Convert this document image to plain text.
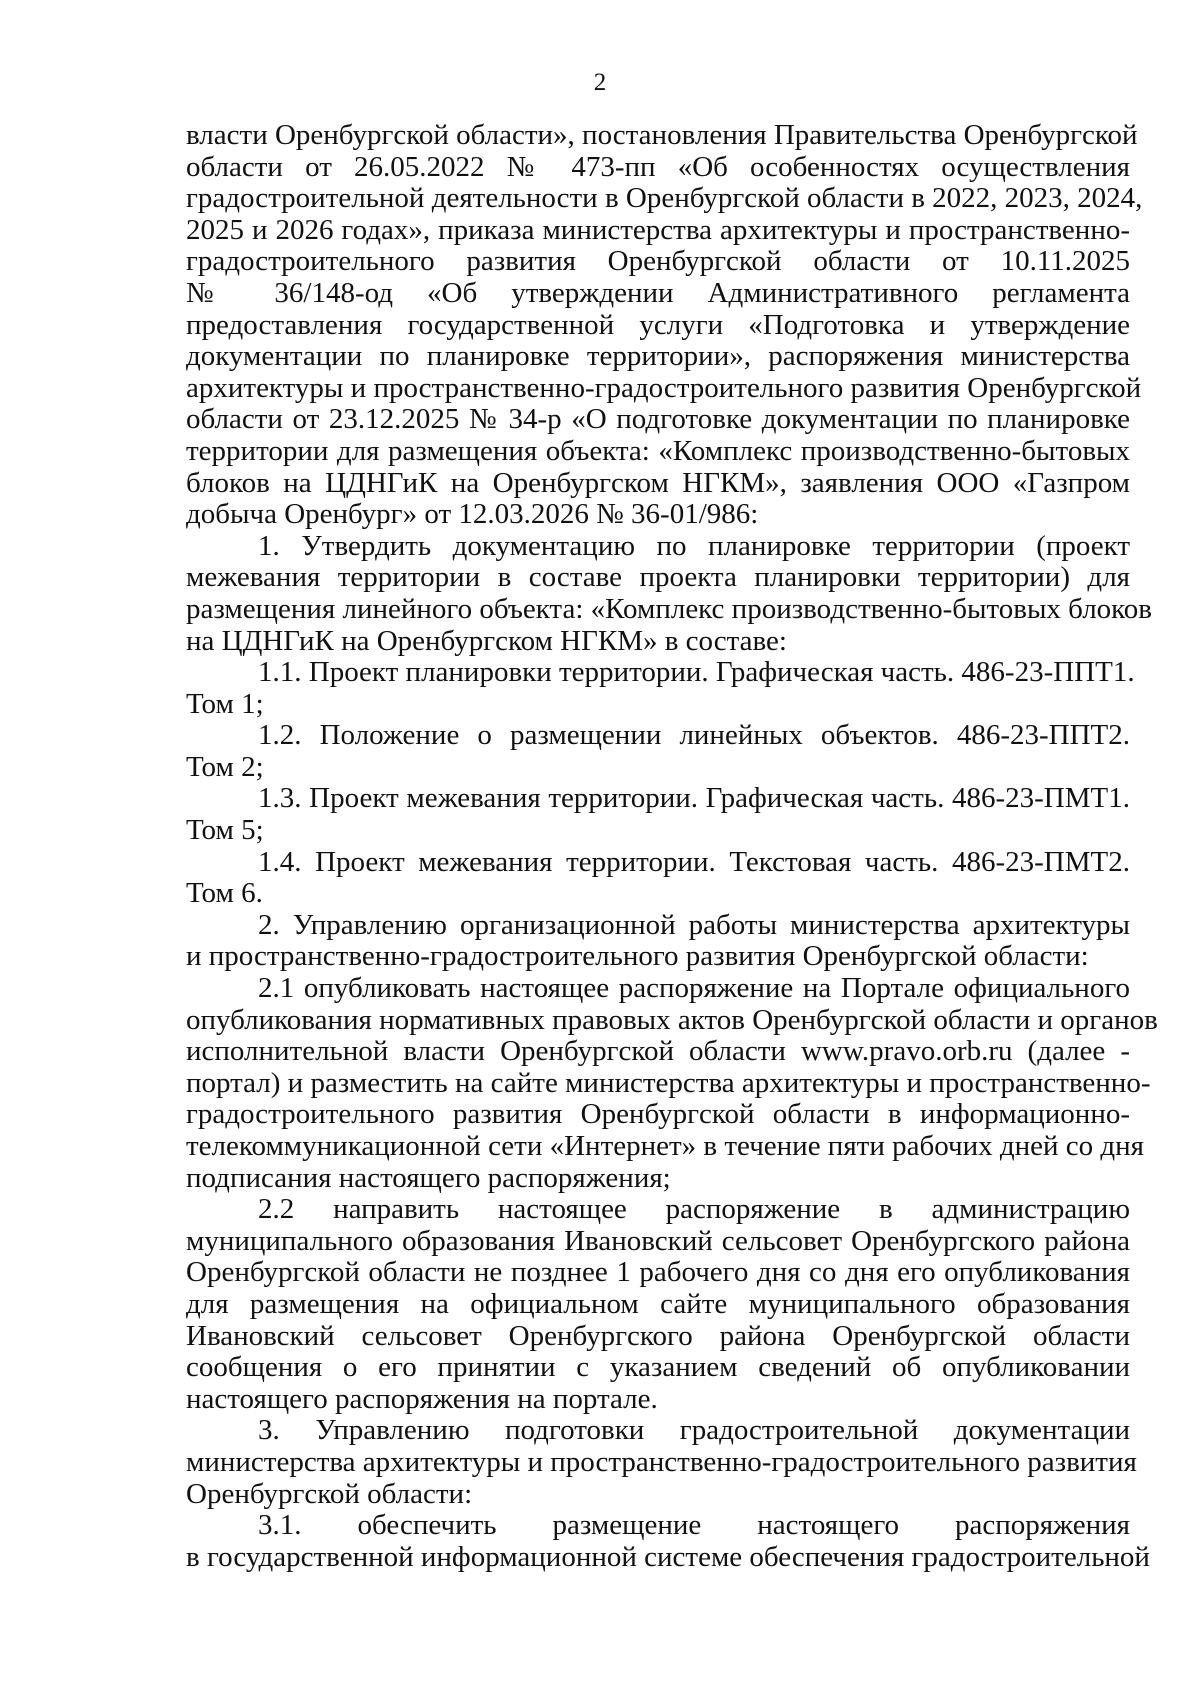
2
власти Оренбургской области», постановления Правительства Оренбургской
области от 26.05.2022 № 473-пп «Об особенностях осуществления
градостроительной деятельности в Оренбургской области в 2022, 2023, 2024,
2025 и 2026 годах», приказа министерства архитектуры и пространственно-
градостроительного развития Оренбургской области от 10.11.2025
№ 36/148-од «Об утверждении Административного регламента
предоставления государственной услуги «Подготовка и утверждение
документации по планировке территории», распоряжения министерства
архитектуры и пространственно-градостроительного развития Оренбургской
области от 23.12.2025 № 34-р «О подготовке документации по планировке
территории для размещения объекта: «Комплекс производственно-бытовых
блоков на ЦДНГиК на Оренбургском НГКМ», заявления ООО «Газпром
добыча Оренбург» от 12.03.2026 № 36-01/986:
1. Утвердить документацию по планировке территории (проект
межевания территории в составе проекта планировки территории) для
размещения линейного объекта: «Комплекс производственно-бытовых блоков
на ЦДНГиК на Оренбургском НГКМ» в составе:
1.1. Проект планировки территории. Графическая часть. 486-23-ППТ1.
Том 1;
1.2. Положение о размещении линейных объектов. 486-23-ППТ2.
Том 2;
1.3. Проект межевания территории. Графическая часть. 486-23-ПМТ1.
Том 5;
1.4. Проект межевания территории. Текстовая часть. 486-23-ПМТ2.
Том 6.
2. Управлению организационной работы министерства архитектуры
и пространственно-градостроительного развития Оренбургской области:
2.1 опубликовать настоящее распоряжение на Портале официального
опубликования нормативных правовых актов Оренбургской области и органов
исполнительной власти Оренбургской области www.pravo.orb.ru (далее -
портал) и разместить на сайте министерства архитектуры и пространственно-
градостроительного развития Оренбургской области в информационно-
телекоммуникационной сети «Интернет» в течение пяти рабочих дней со дня
подписания настоящего распоряжения;
2.2 направить настоящее распоряжение в администрацию
муниципального образования Ивановский сельсовет Оренбургского района
Оренбургской области не позднее 1 рабочего дня со дня его опубликования
для размещения на официальном сайте муниципального образования
Ивановский сельсовет Оренбургского района Оренбургской области
сообщения о его принятии с указанием сведений об опубликовании
настоящего распоряжения на портале.
3. Управлению подготовки градостроительной документации
министерства архитектуры и пространственно-градостроительного развития
Оренбургской области:
3.1. обеспечить размещение настоящего распоряжения
в государственной информационной системе обеспечения градостроительной
